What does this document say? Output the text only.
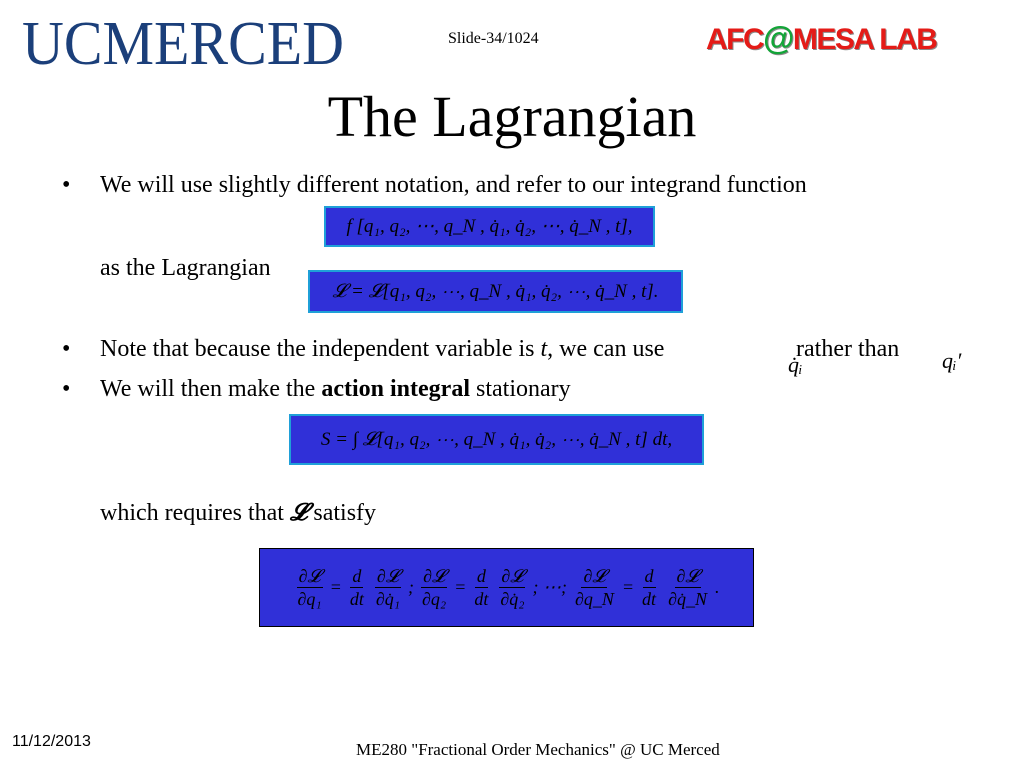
UCMERCED	Slide-34/1024	AFC@MESA LAB
The Lagrangian
• We will use slightly different notation, and refer to our integrand function
f [q₁, q₂, ⋯, q_N , q̇₁, q̇₂, ⋯, q̇_N , t],
as the Lagrangian
𝓛 = 𝓛[q₁, q₂, ⋯, q_N , q̇₁, q̇₂, ⋯, q̇_N , t].
• Note that because the independent variable is t, we can use	rather than
q̇ᵢ	qᵢ′
• We will then make the action integral stationary
S = ∫ 𝓛[q₁, q₂, ⋯, q_N , q̇₁, q̇₂, ⋯, q̇_N , t] dt,
which requires that 𝓛 satisfy
$\frac{\text{∂𝓛}}{\text{∂q₁}} = \frac{d}{dt} \frac{\text{∂𝓛}}{\text{∂q̇₁}}$ ; $\frac{\text{∂𝓛}}{\text{∂q₂}} = \frac{d}{dt} \frac{\text{∂𝓛}}{\text{∂q̇₂}}$ ; ⋯; $\frac{\text{∂𝓛}}{\partial q\_N} = \frac{d}{dt} \frac{\text{∂𝓛}}{\partial q̇\_N}$ .
11/12/2013	ME280 "Fractional Order Mechanics" @ UC Merced
